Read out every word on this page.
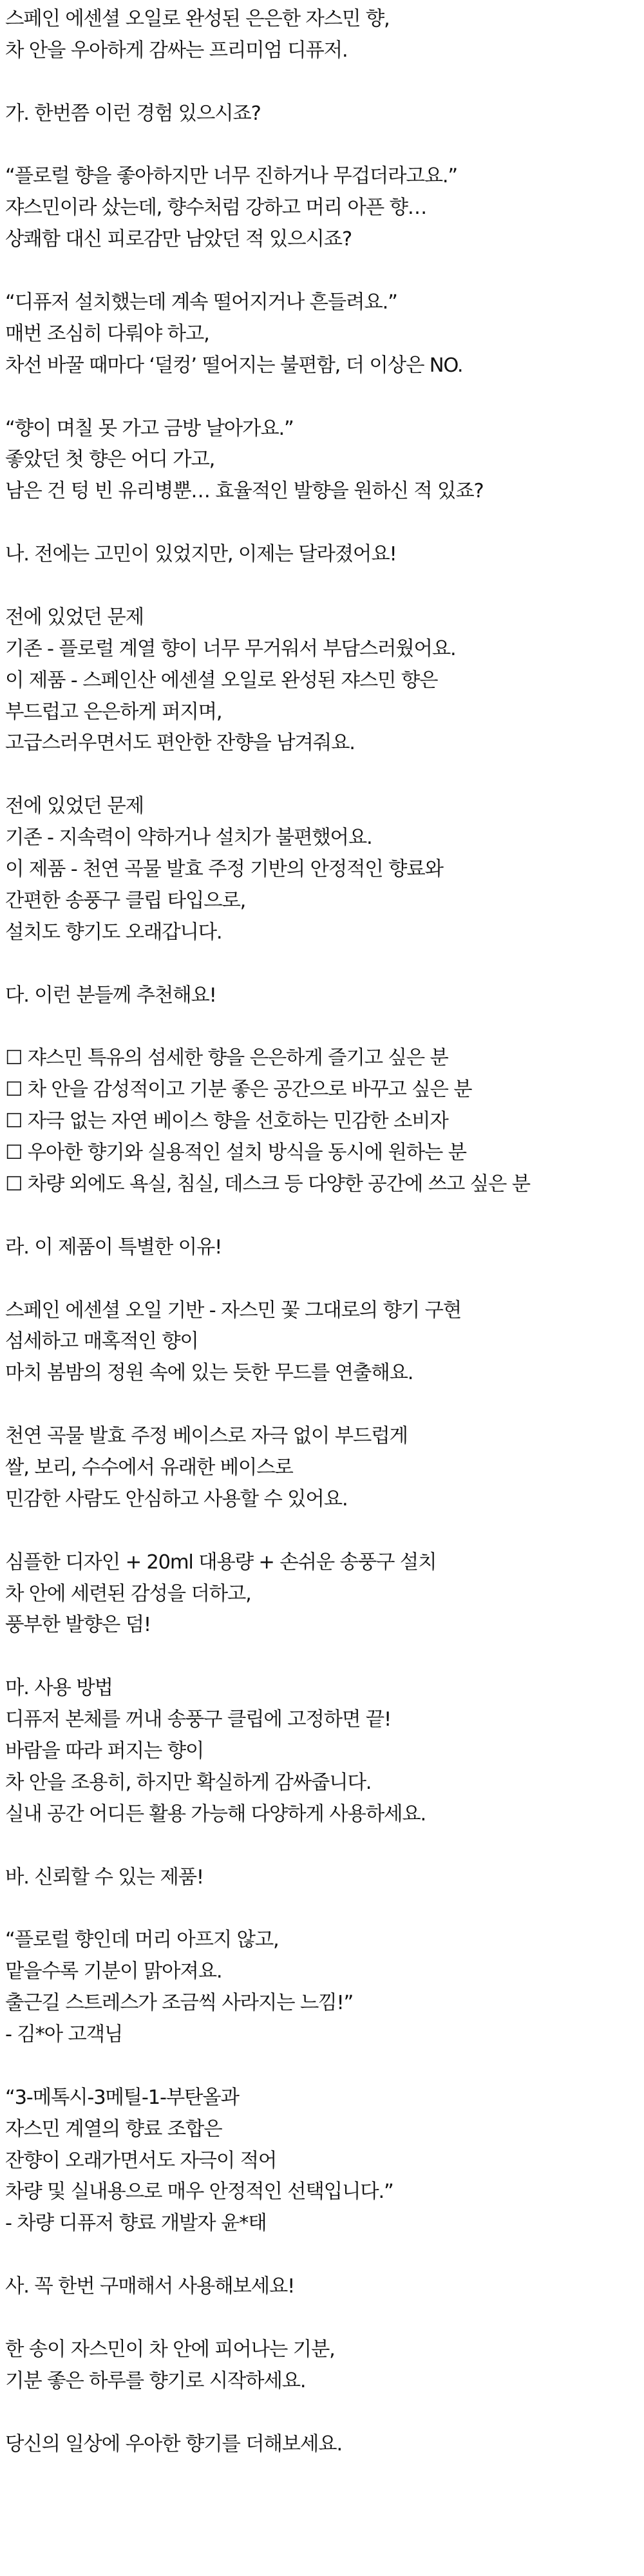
스페인 에센셜 오일로 완성된 은은한 자스민 향,
차 안을 우아하게 감싸는 프리미엄 디퓨저.
가. 한번쯤 이런 경험 있으시죠?
“플로럴 향을 좋아하지만 너무 진하거나 무겁더라고요.”
쟈스민이라 샀는데, 향수처럼 강하고 머리 아픈 향…
상쾌함 대신 피로감만 남았던 적 있으시죠?
“디퓨저 설치했는데 계속 떨어지거나 흔들려요.”
매번 조심히 다뤄야 하고,
차선 바꿀 때마다 ‘덜컹’ 떨어지는 불편함, 더 이상은 NO.
“향이 며칠 못 가고 금방 날아가요.”
좋았던 첫 향은 어디 가고,
남은 건 텅 빈 유리병뿐… 효율적인 발향을 원하신 적 있죠?
나. 전에는 고민이 있었지만, 이제는 달라졌어요!
전에 있었던 문제
기존 - 플로럴 계열 향이 너무 무거워서 부담스러웠어요.
이 제품 - 스페인산 에센셜 오일로 완성된 쟈스민 향은
부드럽고 은은하게 퍼지며,
고급스러우면서도 편안한 잔향을 남겨줘요.
전에 있었던 문제
기존 - 지속력이 약하거나 설치가 불편했어요.
이 제품 - 천연 곡물 발효 주정 기반의 안정적인 향료와
간편한 송풍구 클립 타입으로,
설치도 향기도 오래갑니다.
다. 이런 분들께 추천해요!
☐ 쟈스민 특유의 섬세한 향을 은은하게 즐기고 싶은 분
☐ 차 안을 감성적이고 기분 좋은 공간으로 바꾸고 싶은 분
☐ 자극 없는 자연 베이스 향을 선호하는 민감한 소비자
☐ 우아한 향기와 실용적인 설치 방식을 동시에 원하는 분
☐ 차량 외에도 욕실, 침실, 데스크 등 다양한 공간에 쓰고 싶은 분
라. 이 제품이 특별한 이유!
스페인 에센셜 오일 기반 - 자스민 꽃 그대로의 향기 구현
섬세하고 매혹적인 향이
마치 봄밤의 정원 속에 있는 듯한 무드를 연출해요.
천연 곡물 발효 주정 베이스로 자극 없이 부드럽게
쌀, 보리, 수수에서 유래한 베이스로
민감한 사람도 안심하고 사용할 수 있어요.
심플한 디자인 + 20ml 대용량 + 손쉬운 송풍구 설치
차 안에 세련된 감성을 더하고,
풍부한 발향은 덤!
마. 사용 방법
디퓨저 본체를 꺼내 송풍구 클립에 고정하면 끝!
바람을 따라 퍼지는 향이
차 안을 조용히, 하지만 확실하게 감싸줍니다.
실내 공간 어디든 활용 가능해 다양하게 사용하세요.
바. 신뢰할 수 있는 제품!
“플로럴 향인데 머리 아프지 않고,
맡을수록 기분이 맑아져요.
출근길 스트레스가 조금씩 사라지는 느낌!”
- 김*아 고객님
“3-메톡시-3메틸-1-부탄올과
자스민 계열의 향료 조합은
잔향이 오래가면서도 자극이 적어
차량 및 실내용으로 매우 안정적인 선택입니다.”
- 차량 디퓨저 향료 개발자 윤*태
사. 꼭 한번 구매해서 사용해보세요!
한 송이 자스민이 차 안에 피어나는 기분,
기분 좋은 하루를 향기로 시작하세요.
당신의 일상에 우아한 향기를 더해보세요.
